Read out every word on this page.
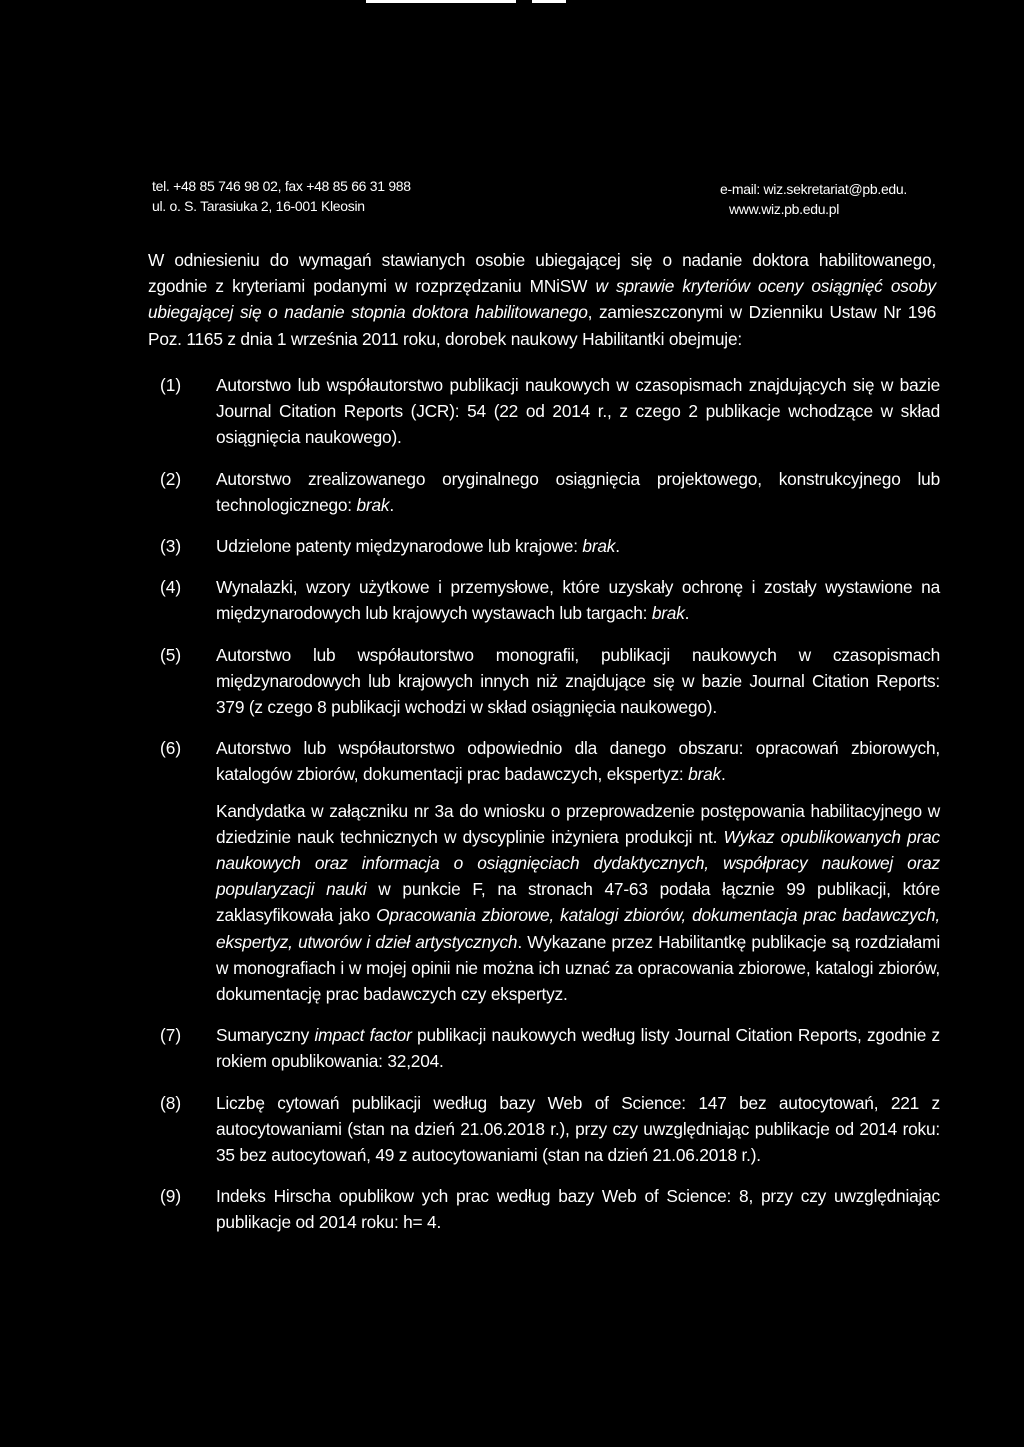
tel. +48 85 746 98 02, fax +48 85 66 31 988
ul. o. S. Tarasiuka 2, 16-001 Kleosin
e-mail: wiz.sekretariat@pb.edu.
www.wiz.pb.edu.pl
W odniesieniu do wymagań stawianych osobie ubiegającej się o nadanie doktora habilitowanego, zgodnie z kryteriami podanymi w rozprzędzaniu MNiSW w sprawie kryteriów oceny osiągnięć osoby ubiegającej się o nadanie stopnia doktora habilitowanego, zamieszczonymi w Dzienniku Ustaw Nr 196 Poz. 1165 z dnia 1 września 2011 roku, dorobek naukowy Habilitantki obejmuje:
(1) Autorstwo lub współautorstwo publikacji naukowych w czasopismach znajdujących się w bazie Journal Citation Reports (JCR): 54 (22 od 2014 r., z czego 2 publikacje wchodzące w skład osiągnięcia naukowego).
(2) Autorstwo zrealizowanego oryginalnego osiągnięcia projektowego, konstrukcyjnego lub technologicznego: brak.
(3) Udzielone patenty międzynarodowe lub krajowe: brak.
(4) Wynalazki, wzory użytkowe i przemysłowe, które uzyskały ochronę i zostały wystawione na międzynarodowych lub krajowych wystawach lub targach: brak.
(5) Autorstwo lub współautorstwo monografii, publikacji naukowych w czasopismach międzynarodowych lub krajowych innych niż znajdujące się w bazie Journal Citation Reports: 379 (z czego 8 publikacji wchodzi w skład osiągnięcia naukowego).
(6) Autorstwo lub współautorstwo odpowiednio dla danego obszaru: opracowań zbiorowych, katalogów zbiorów, dokumentacji prac badawczych, ekspertyz: brak.
Kandydatka w załączniku nr 3a do wniosku o przeprowadzenie postępowania habilitacyjnego w dziedzinie nauk technicznych w dyscyplinie inżyniera produkcji nt. Wykaz opublikowanych prac naukowych oraz informacja o osiągnięciach dydaktycznych, współpracy naukowej oraz popularyzacji nauki w punkcie F, na stronach 47-63 podała łącznie 99 publikacji, które zaklasyfikowała jako Opracowania zbiorowe, katalogi zbiorów, dokumentacja prac badawczych, ekspertyz, utworów i dzieł artystycznych. Wykazane przez Habilitantkę publikacje są rozdziałami w monografiach i w mojej opinii nie można ich uznać za opracowania zbiorowe, katalogi zbiorów, dokumentację prac badawczych czy ekspertyz.
(7) Sumaryczny impact factor publikacji naukowych według listy Journal Citation Reports, zgodnie z rokiem opublikowania: 32,204.
(8) Liczbę cytowań publikacji według bazy Web of Science: 147 bez autocytowań, 221 z autocytowaniami (stan na dzień 21.06.2018 r.), przy czy uwzględniając publikacje od 2014 roku: 35 bez autocytowań, 49 z autocytowaniami (stan na dzień 21.06.2018 r.).
(9) Indeks Hirscha opublikow ych prac według bazy Web of Science: 8, przy czy uwzględniając publikacje od 2014 roku: h= 4.
